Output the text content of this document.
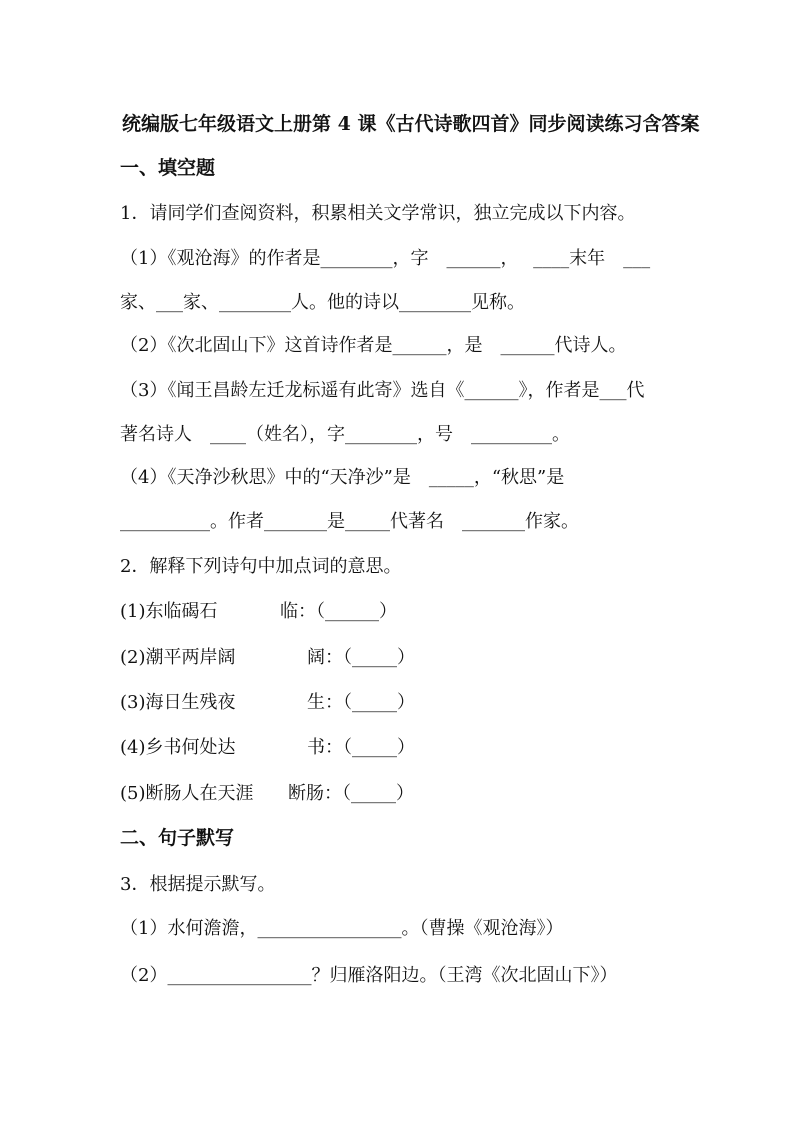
统编版七年级语文上册第 4 课《古代诗歌四首》同步阅读练习含答案
一、填空题
1．请同学们查阅资料，积累相关文学常识，独立完成以下内容。
（1）《观沧海》的作者是________，字　______，　 ____末年　___
家、___家、________人。他的诗以________见称。
（2）《次北固山下》这首诗作者是______，是　______代诗人。
（3）《闻王昌龄左迁龙标遥有此寄》选自《______》，作者是___代
著名诗人　____（姓名），字________，号　_________。
（4）《天净沙秋思》中的“天净沙”是　_____，“秋思”是
__________。作者_______是_____代著名　_______作家。
2．解释下列诗句中加点词的意思。
(1)东临碣石	临：（______）
(2)潮平两岸阔	阔：（_____）
(3)海日生残夜	生：（_____）
(4)乡书何处达	书：（_____）
(5)断肠人在天涯 断肠：（_____）
二、句子默写
3．根据提示默写。
（1）水何澹澹，________________。（曹操《观沧海》）
（2）________________？归雁洛阳边。（王湾《次北固山下》）
